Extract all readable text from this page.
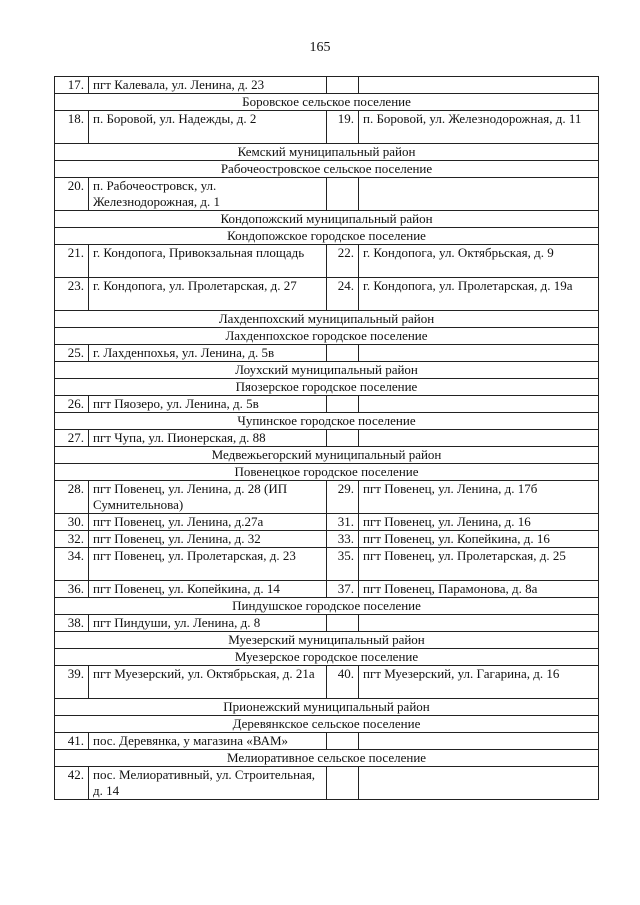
165
17.	пгт Калевала, ул. Ленина, д. 23		
Боровское сельское поселение			
18.	п. Боровой, ул. Надежды, д. 2	19.	п. Боровой, ул. Железнодорожная, д. 11
Кемский муниципальный район			
Рабочеостровское сельское поселение			
20.	п. Рабочеостровск, ул. Железнодорожная, д. 1		
Кондопожский муниципальный район			
Кондопожское городское поселение			
21.	г. Кондопога, Привокзальная площадь	22.	г. Кондопога, ул. Октябрьская, д. 9
23.	г. Кондопога, ул. Пролетарская, д. 27	24.	г. Кондопога, ул. Пролетарская, д. 19а
Лахденпохский муниципальный район			
Лахденпохское городское поселение			
25.	г. Лахденпохья, ул. Ленина, д. 5в		
Лоухский муниципальный район			
Пяозерское городское поселение			
26.	пгт Пяозеро, ул. Ленина, д. 5в		
Чупинское городское поселение			
27.	пгт Чупа, ул. Пионерская, д. 88		
Медвежьегорский муниципальный район			
Повенецкое городское поселение			
28.	пгт Повенец, ул. Ленина, д. 28 (ИП Сумнительнова)	29.	пгт Повенец, ул. Ленина, д. 17б
30.	пгт Повенец, ул. Ленина, д.27а	31.	пгт Повенец, ул. Ленина, д. 16
32.	пгт Повенец, ул. Ленина, д. 32	33.	пгт Повенец, ул. Копейкина, д. 16
34.	пгт Повенец, ул. Пролетарская, д. 23	35.	пгт Повенец, ул. Пролетарская, д. 25
36.	пгт Повенец, ул. Копейкина, д. 14	37.	пгт Повенец, Парамонова, д. 8а
Пиндушское городское поселение			
38.	пгт Пиндуши, ул. Ленина, д. 8		
Муезерский муниципальный район			
Муезерское городское поселение			
39.	пгт Муезерский, ул. Октябрьская, д. 21а	40.	пгт Муезерский, ул. Гагарина, д. 16
Прионежский муниципальный район			
Деревянкское сельское поселение			
41.	пос. Деревянка, у магазина «ВАМ»		
Мелиоративное сельское поселение			
42.	пос. Мелиоративный, ул. Строительная, д. 14		
